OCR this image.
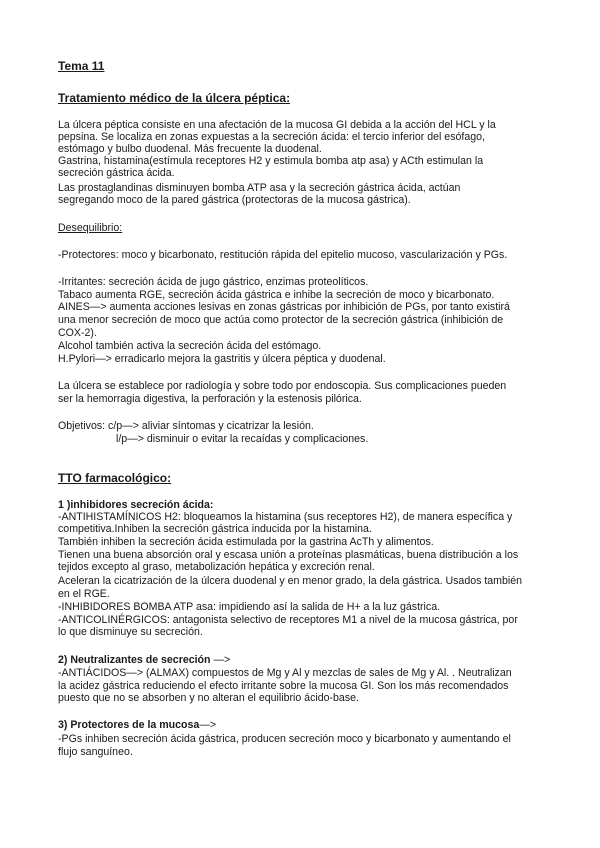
Tema 11
Tratamiento médico de la úlcera péptica:
La úlcera péptica consiste en una afectación de la mucosa GI debida a la acción del HCL y la
pepsina. Se localiza en zonas expuestas a la secreción ácida: el tercio inferior del esófago,
estómago y bulbo duodenal. Más frecuente la duodenal.
Gastrina, histamina(estímula receptores H2 y estimula bomba atp asa) y ACth estimulan la
secreción gástrica ácida.
Las prostaglandinas disminuyen bomba ATP asa y la secreción gástrica ácida, actúan
segregando moco de la pared gástrica (protectoras de la mucosa gástrica).
Desequilibrio:
-Protectores: moco y bicarbonato, restitución rápida del epitelio mucoso, vascularización y PGs.
-Irritantes: secreción ácida de jugo gástrico, enzimas proteolíticos.
Tabaco aumenta RGE, secreción ácida gástrica e inhibe la secreción de moco y bicarbonato.
AINES—> aumenta acciones lesivas en zonas gástricas por inhibición de PGs, por tanto existirá
una menor secreción de moco que actúa como protector de la secreción gástrica (inhibición de
COX-2).
Alcohol también activa la secreción ácida del estómago.
H.Pylori—> erradicarlo mejora la gastritis y úlcera péptica y duodenal.
La úlcera se establece por radiología y sobre todo por endoscopia. Sus complicaciones pueden
ser la hemorragia digestiva, la perforación y la estenosis pilórica.
Objetivos: c/p—> aliviar síntomas y cicatrizar la lesión.
l/p—> disminuir o evitar la recaídas y complicaciones.
TTO farmacológico:
1 )inhibidores secreción ácida:
-ANTIHISTAMÍNICOS H2: bloqueamos la histamina (sus receptores H2), de manera específica y
competitiva.Inhiben la secreción gástrica inducida por la histamina.
También inhiben la secreción ácida estimulada por la gastrina AcTh y alimentos.
Tienen una buena absorción oral y escasa unión a proteínas plasmáticas, buena distribución a los
tejidos excepto al graso, metabolización hepática y excreción renal.
Aceleran la cicatrización de la úlcera duodenal y en menor grado, la dela gástrica. Usados también
en el RGE.
-INHIBIDORES BOMBA ATP asa: impidiendo así la salida de H+ a la luz gástrica.
-ANTICOLINÉRGICOS: antagonista selectivo de receptores M1 a nivel de la mucosa gástrica, por
lo que disminuye su secreción.
2) Neutralizantes de secreción —>
-ANTIÁCIDOS—> (ALMAX) compuestos de Mg y Al y mezclas de sales de Mg y Al. . Neutralizan
la acidez gástrica reduciendo el efecto irritante sobre la mucosa GI. Son los más recomendados
puesto que no se absorben y no alteran el equilibrio ácido-base.
3) Protectores de la mucosa—>
-PGs inhiben secreción ácida gástrica, producen secreción moco y bicarbonato y aumentando el
flujo sanguíneo.
